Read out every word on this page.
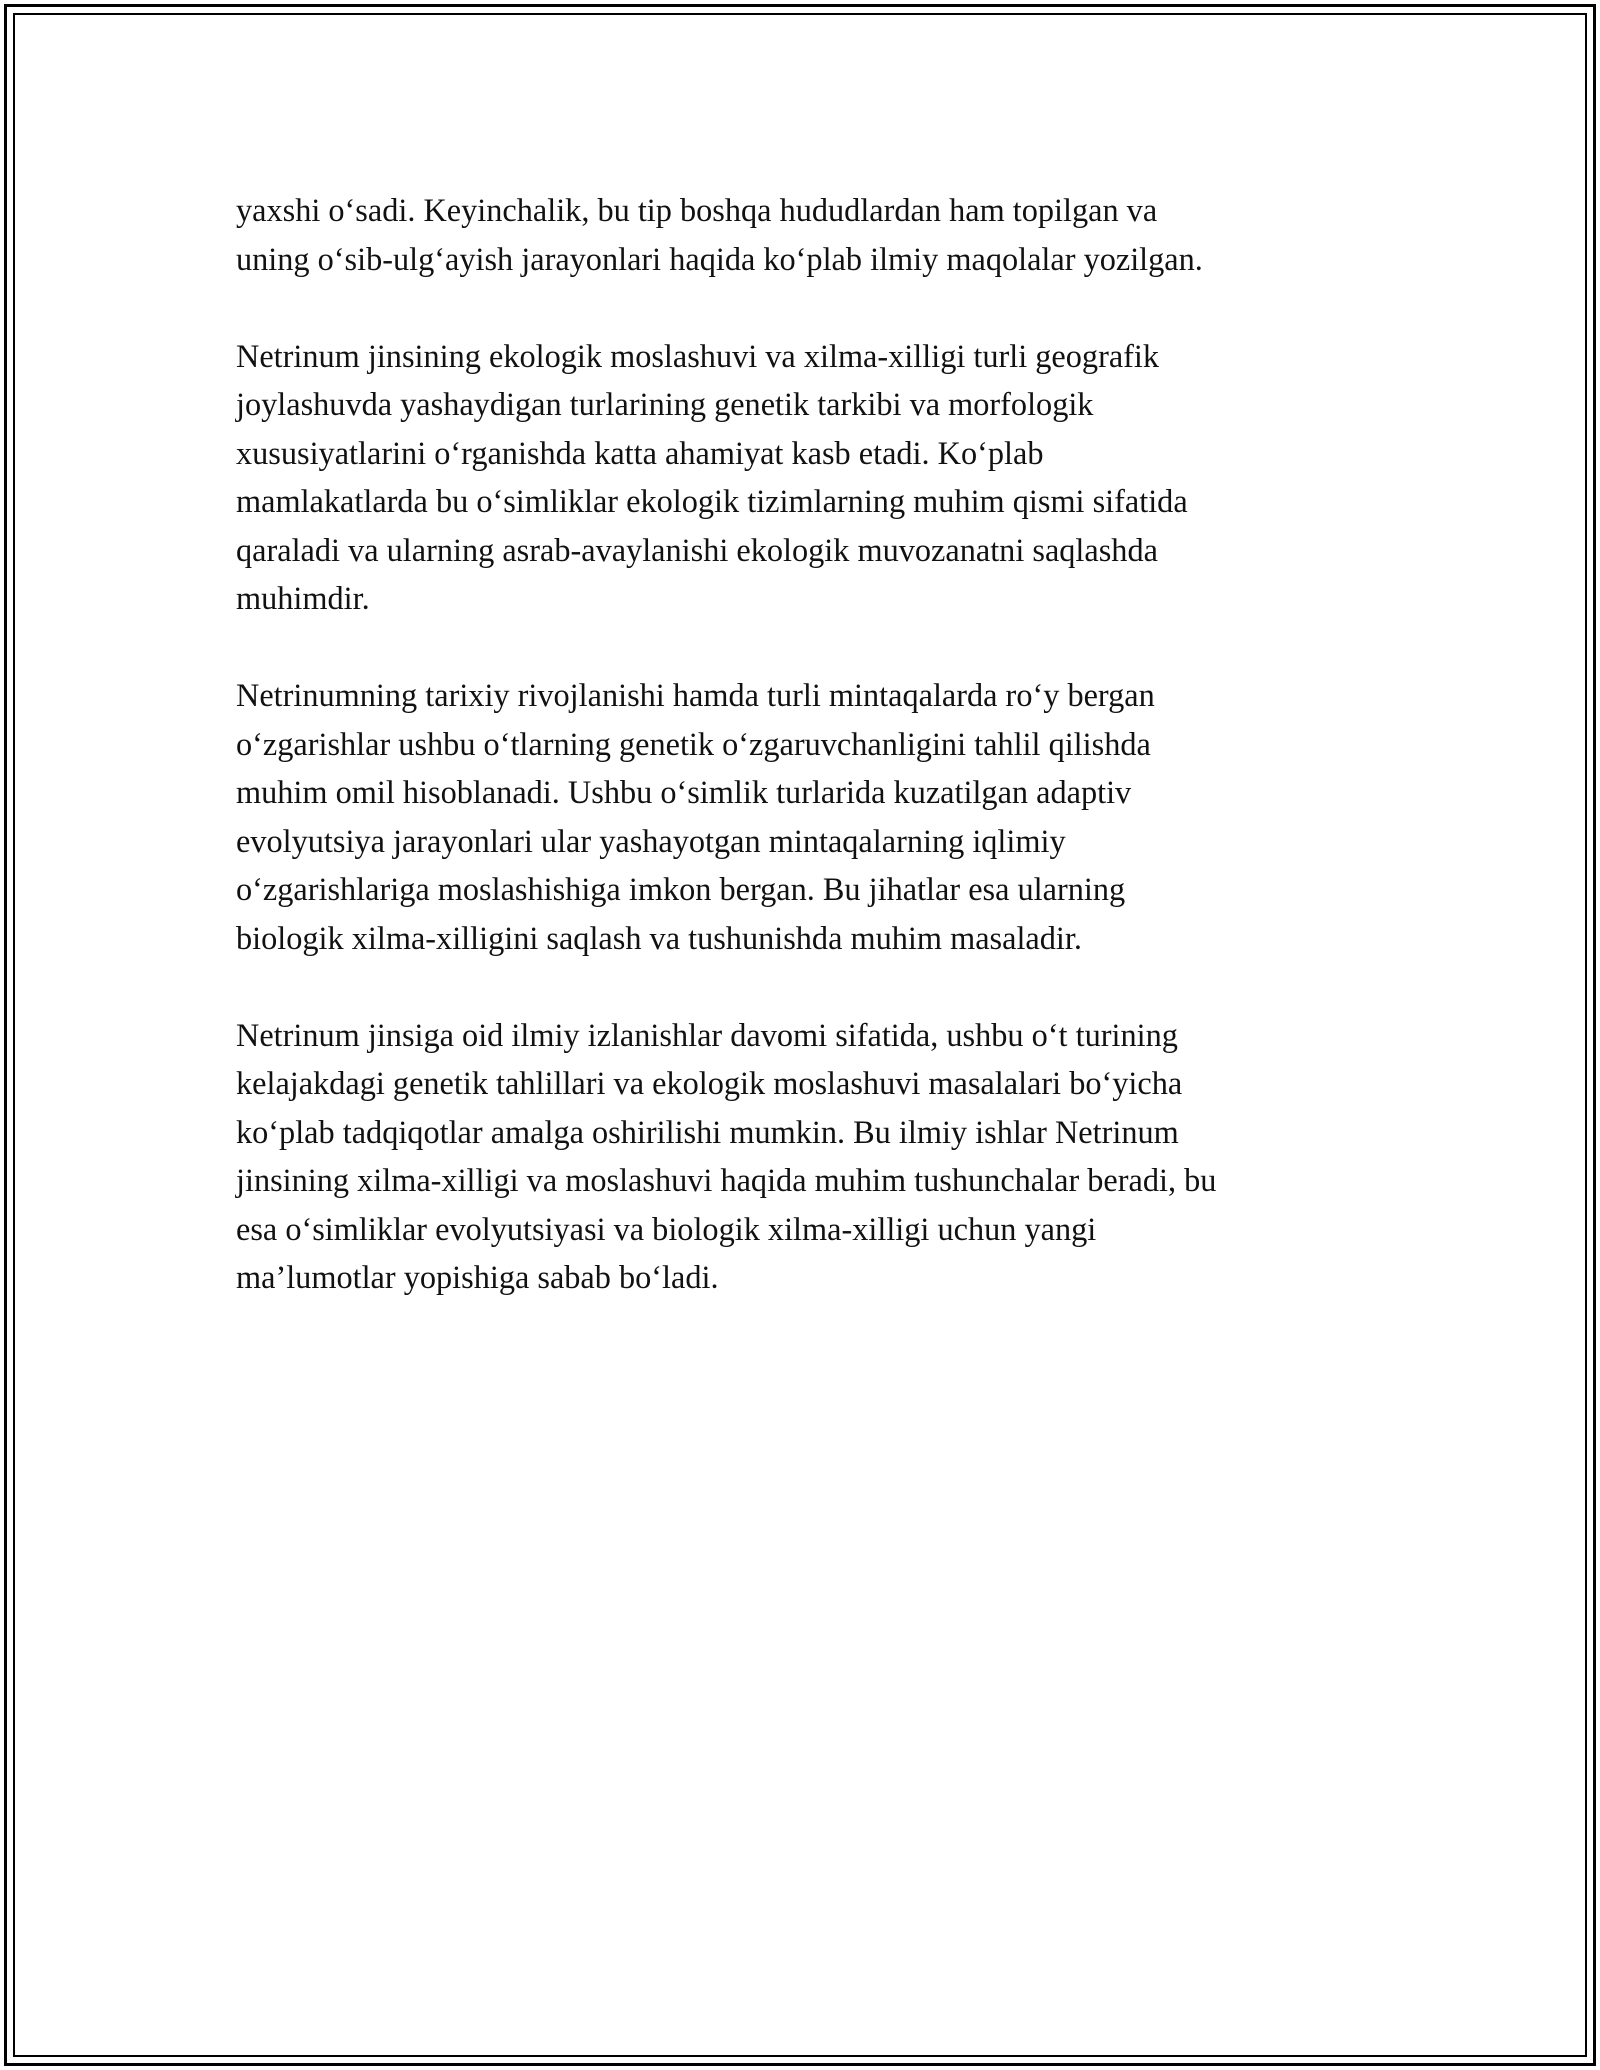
yaxshi o‘sadi. Keyinchalik, bu tip boshqa hududlardan ham topilgan va
uning o‘sib-ulg‘ayish jarayonlari haqida ko‘plab ilmiy maqolalar yozilgan.

Netrinum jinsining ekologik moslashuvi va xilma-xilligi turli geografik
joylashuvda yashaydigan turlarining genetik tarkibi va morfologik
xususiyatlarini o‘rganishda katta ahamiyat kasb etadi. Ko‘plab
mamlakatlarda bu o‘simliklar ekologik tizimlarning muhim qismi sifatida
qaraladi va ularning asrab-avaylanishi ekologik muvozanatni saqlashda
muhimdir.

Netrinumning tarixiy rivojlanishi hamda turli mintaqalarda ro‘y bergan
o‘zgarishlar ushbu o‘tlarning genetik o‘zgaruvchanligini tahlil qilishda
muhim omil hisoblanadi. Ushbu o‘simlik turlarida kuzatilgan adaptiv
evolyutsiya jarayonlari ular yashayotgan mintaqalarning iqlimiy
o‘zgarishlariga moslashishiga imkon bergan. Bu jihatlar esa ularning
biologik xilma-xilligini saqlash va tushunishda muhim masaladir.

Netrinum jinsiga oid ilmiy izlanishlar davomi sifatida, ushbu o‘t turining
kelajakdagi genetik tahlillari va ekologik moslashuvi masalalari bo‘yicha
ko‘plab tadqiqotlar amalga oshirilishi mumkin. Bu ilmiy ishlar Netrinum
jinsining xilma-xilligi va moslashuvi haqida muhim tushunchalar beradi, bu
esa o‘simliklar evolyutsiyasi va biologik xilma-xilligi uchun yangi
ma’lumotlar yopishiga sabab bo‘ladi.
